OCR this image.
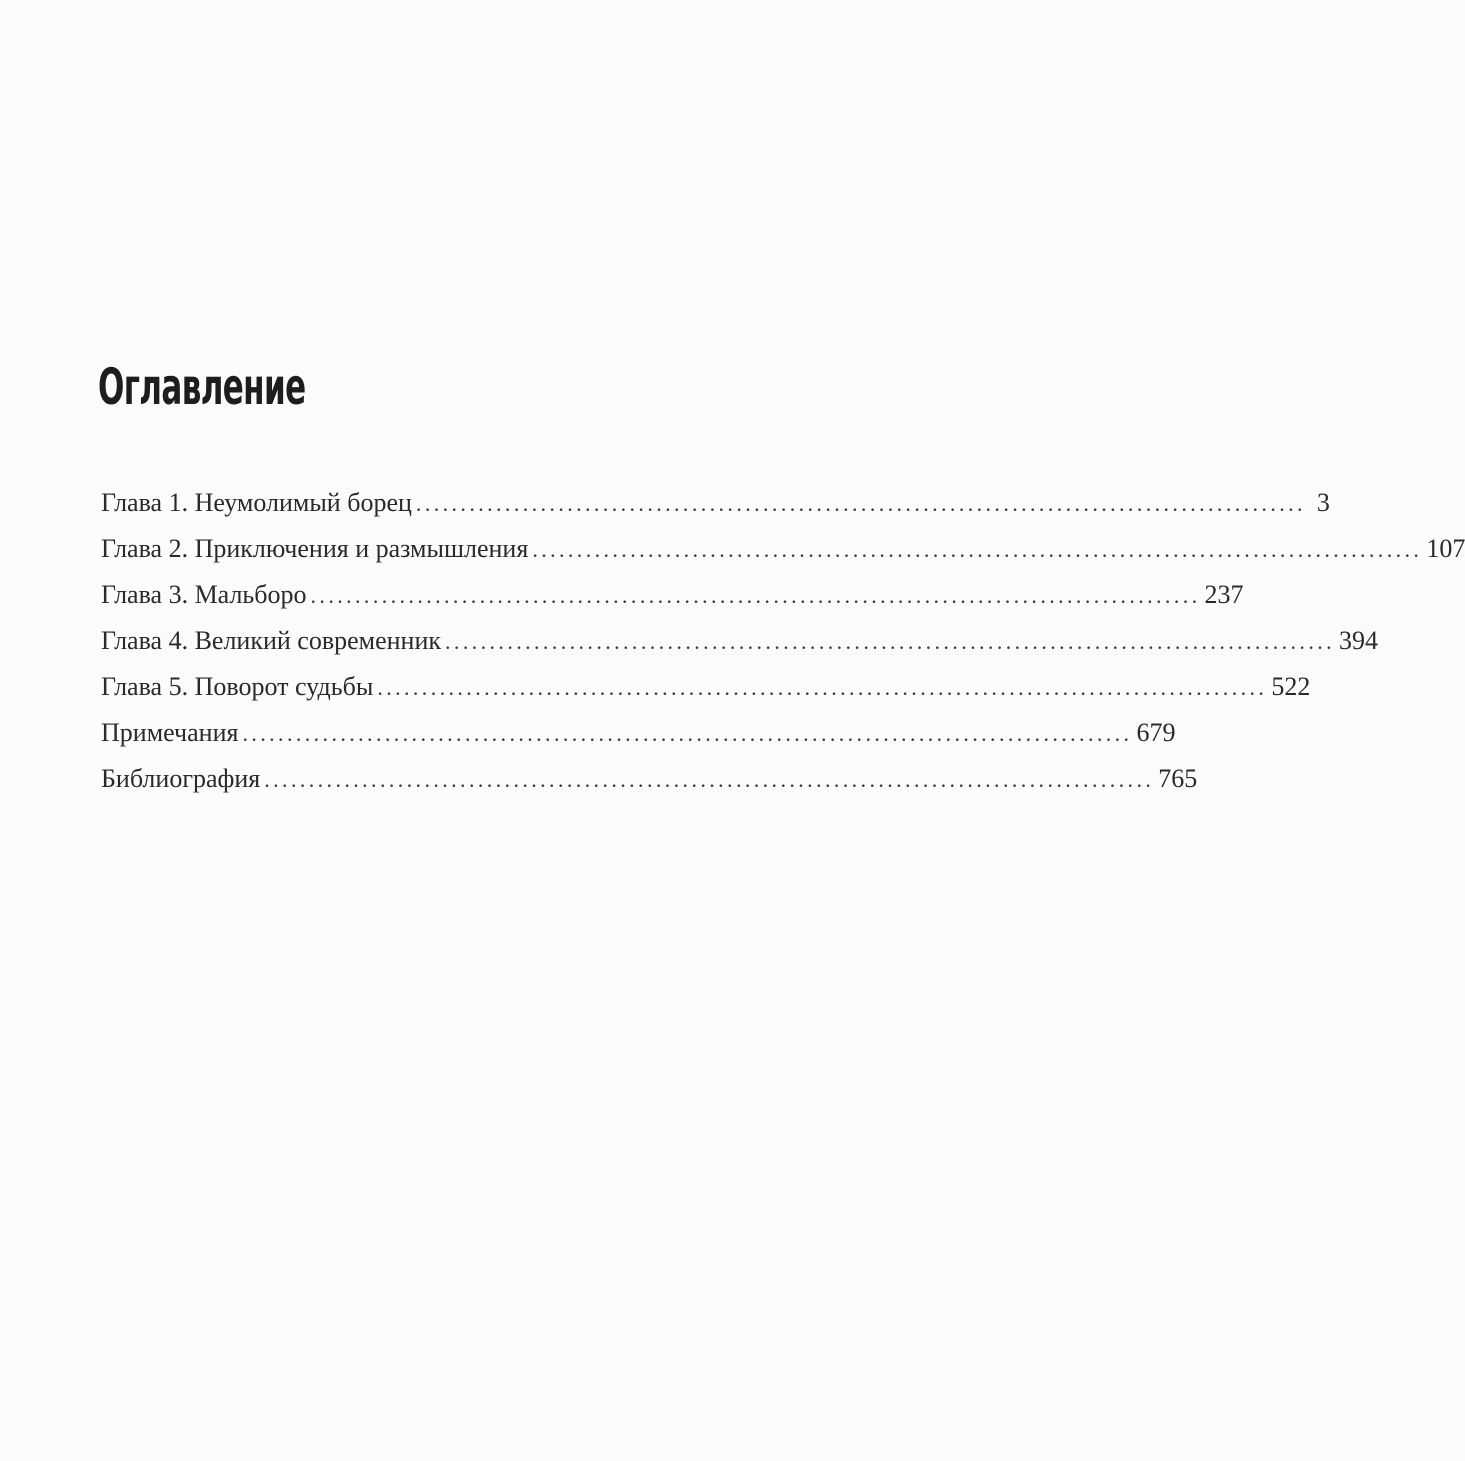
Оглавление
Глава 1. Неумолимый борец .................................................................................................... 3
Глава 2. Приключения и размышления .................................................................................................... 107
Глава 3. Мальборо .................................................................................................... 237
Глава 4. Великий современник .................................................................................................... 394
Глава 5. Поворот судьбы .................................................................................................... 522
Примечания .................................................................................................... 679
Библиография .................................................................................................... 765
